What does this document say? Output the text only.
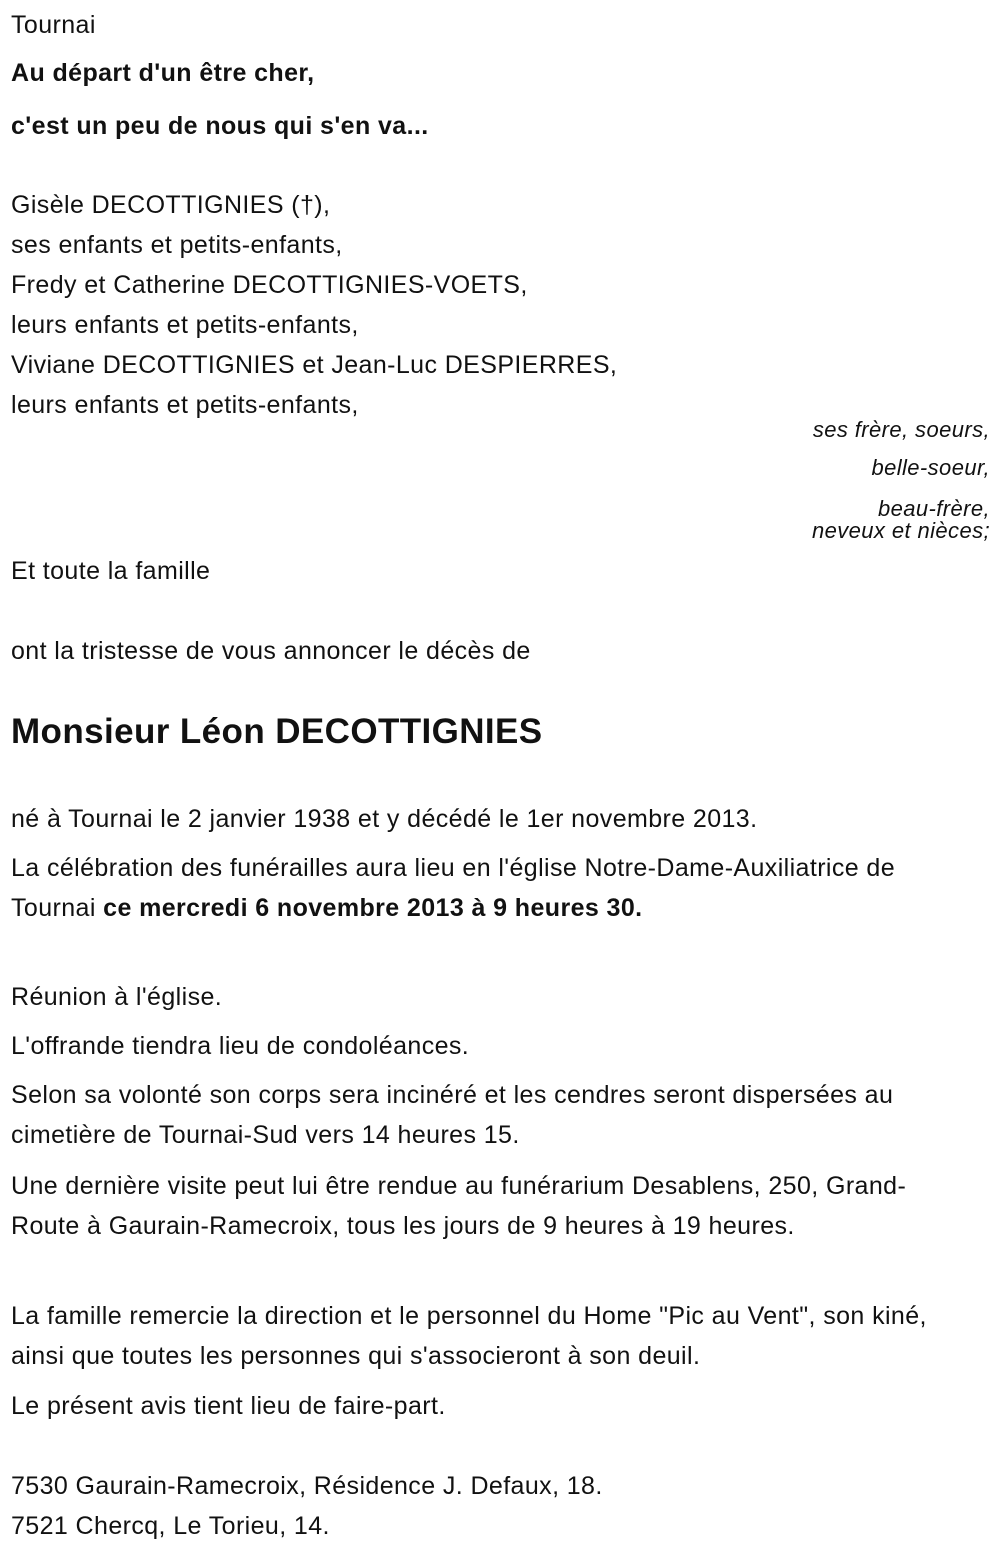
Tournai
Au départ d'un être cher,
c'est un peu de nous qui s'en va...
Gisèle DECOTTIGNIES (†),
ses enfants et petits-enfants,
Fredy et Catherine DECOTTIGNIES-VOETS,
leurs enfants et petits-enfants,
Viviane DECOTTIGNIES et Jean-Luc DESPIERRES,
leurs enfants et petits-enfants,
ses frère, soeurs,
belle-soeur,
beau-frère,
neveux et nièces;
Et toute la famille
ont la tristesse de vous annoncer le décès de
Monsieur Léon DECOTTIGNIES
né à Tournai le 2 janvier 1938 et y décédé le 1er novembre 2013.
La célébration des funérailles aura lieu en l'église Notre-Dame-Auxiliatrice de Tournai ce mercredi 6 novembre 2013 à 9 heures 30.
Réunion à l'église.
L'offrande tiendra lieu de condoléances.
Selon sa volonté son corps sera incinéré et les cendres seront dispersées au cimetière de Tournai-Sud vers 14 heures 15.
Une dernière visite peut lui être rendue au funérarium Desablens, 250, Grand-Route à Gaurain-Ramecroix, tous les jours de 9 heures à 19 heures.
La famille remercie la direction et le personnel du Home "Pic au Vent", son kiné, ainsi que toutes les personnes qui s'associeront à son deuil.
Le présent avis tient lieu de faire-part.
7530 Gaurain-Ramecroix, Résidence J. Defaux, 18.
7521 Chercq, Le Torieu, 14.
